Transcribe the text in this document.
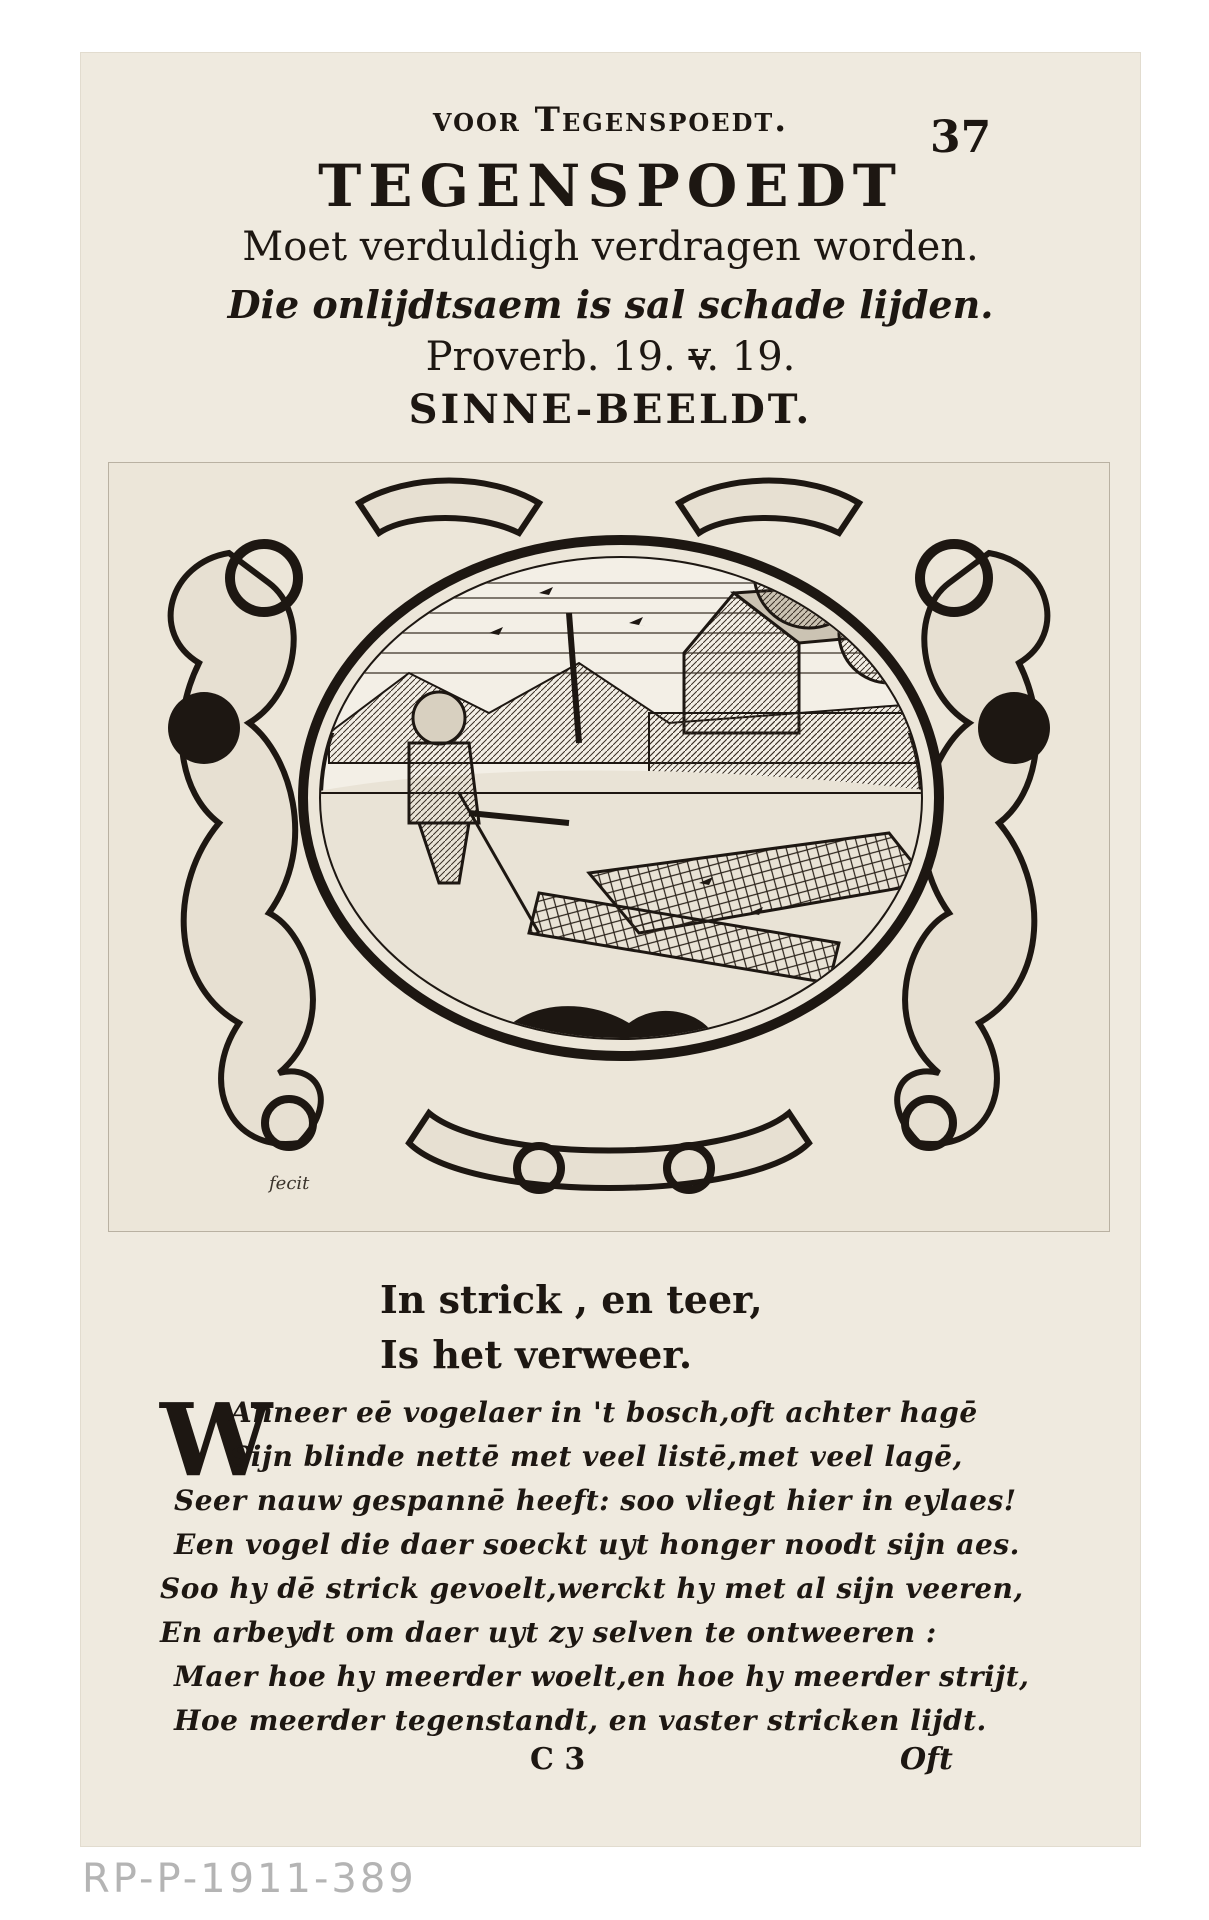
voor Tegenspoedt.	37
TEGENSPOEDT
Moet verduldigh verdragen worden.
Die onlijdtsaem is sal schade lijden.
Proverb. 19. v. 19.
SINNE-BEELDT.
fecit
In strick , en teer,
Is het verweer.
W
Anneer eē vogelaer in 't bosch,oft achter hagē
Sijn blinde nettē met veel listē,met veel lagē,
Seer nauw gespannē heeft: soo vliegt hier in eylaes!
Een vogel die daer soeckt uyt honger noodt sijn aes.
Soo hy dē strick gevoelt,werckt hy met al sijn veeren,
En arbeydt om daer uyt zy selven te ontweeren :
Maer hoe hy meerder woelt,en hoe hy meerder strijt,
Hoe meerder tegenstandt, en vaster stricken lijdt.
C 3	Oft
RP-P-1911-389
